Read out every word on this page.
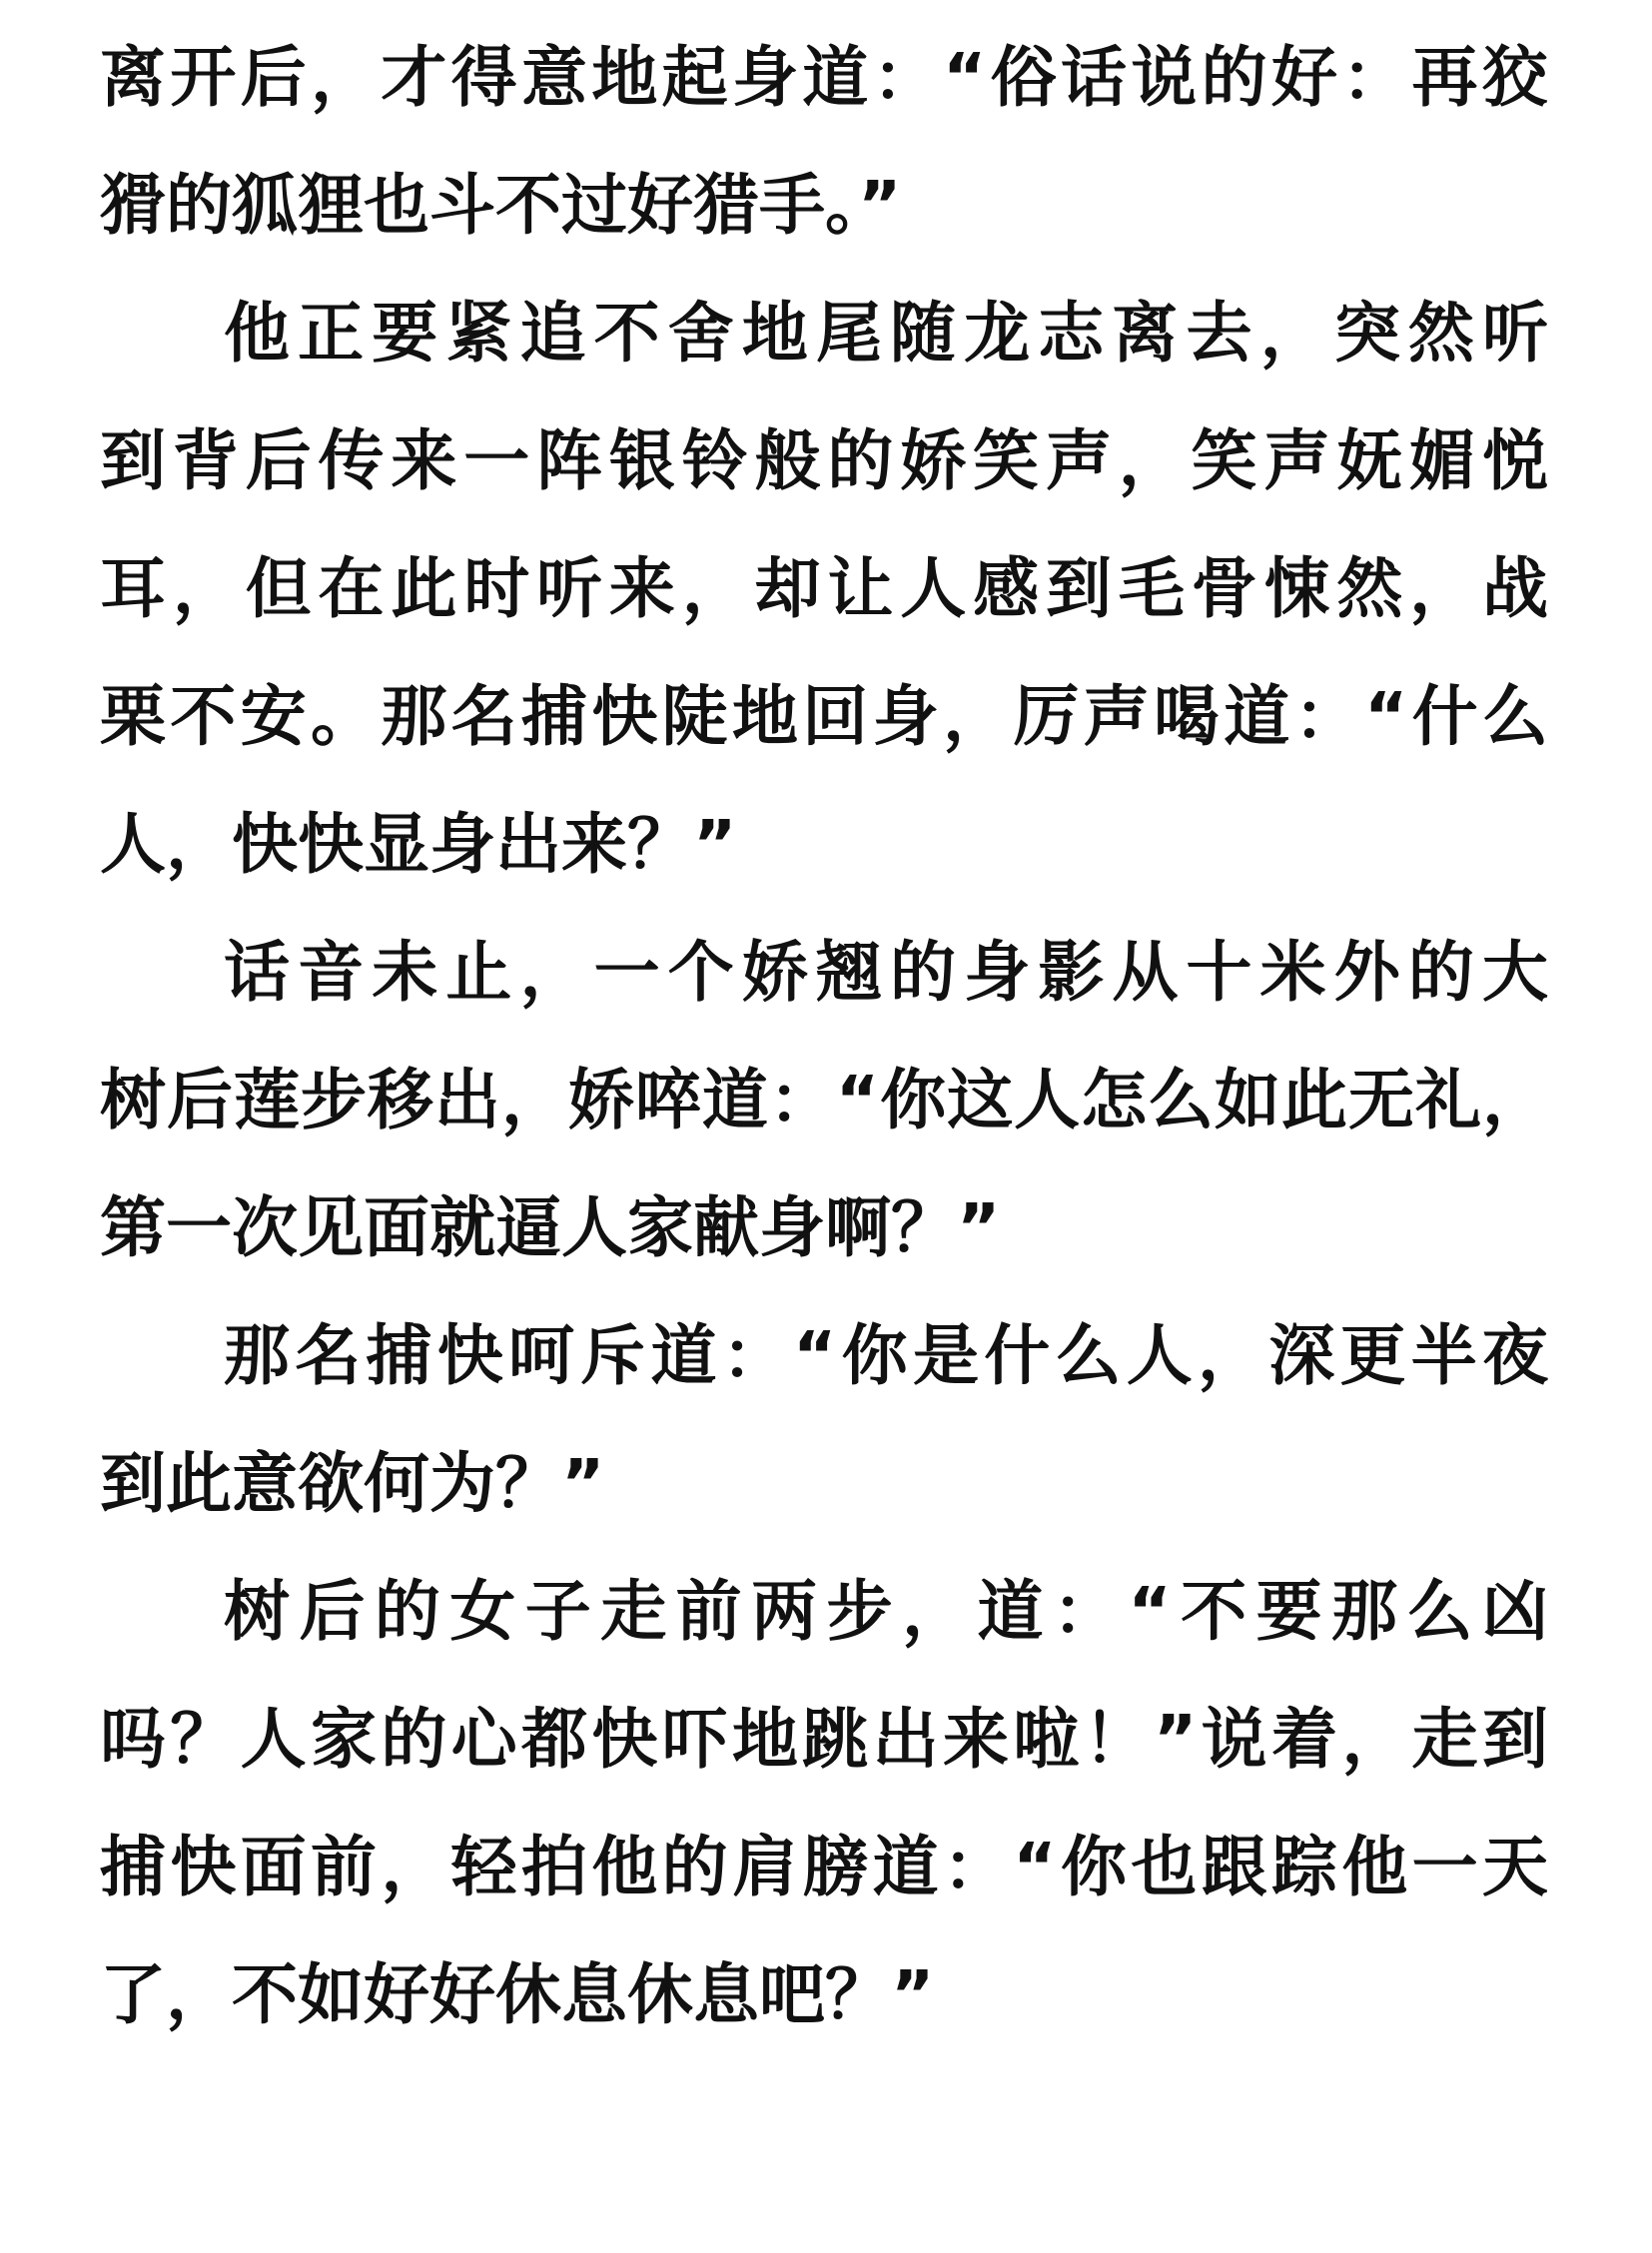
离开后，才得意地起身道：“俗话说的好：再狡
猾的狐狸也斗不过好猎手。”
他正要紧追不舍地尾随龙志离去，突然听
到背后传来一阵银铃般的娇笑声，笑声妩媚悦
耳，但在此时听来，却让人感到毛骨悚然，战
栗不安。那名捕快陡地回身，厉声喝道：“什么
人，快快显身出来？”
话音未止，一个娇翘的身影从十米外的大
树后莲步移出，娇啐道：“你这人怎么如此无礼，
第一次见面就逼人家献身啊？”
那名捕快呵斥道：“你是什么人，深更半夜
到此意欲何为？”
树后的女子走前两步，道：“不要那么凶
吗？人家的心都快吓地跳出来啦！”说着，走到
捕快面前，轻拍他的肩膀道：“你也跟踪他一天
了，不如好好休息休息吧？”
